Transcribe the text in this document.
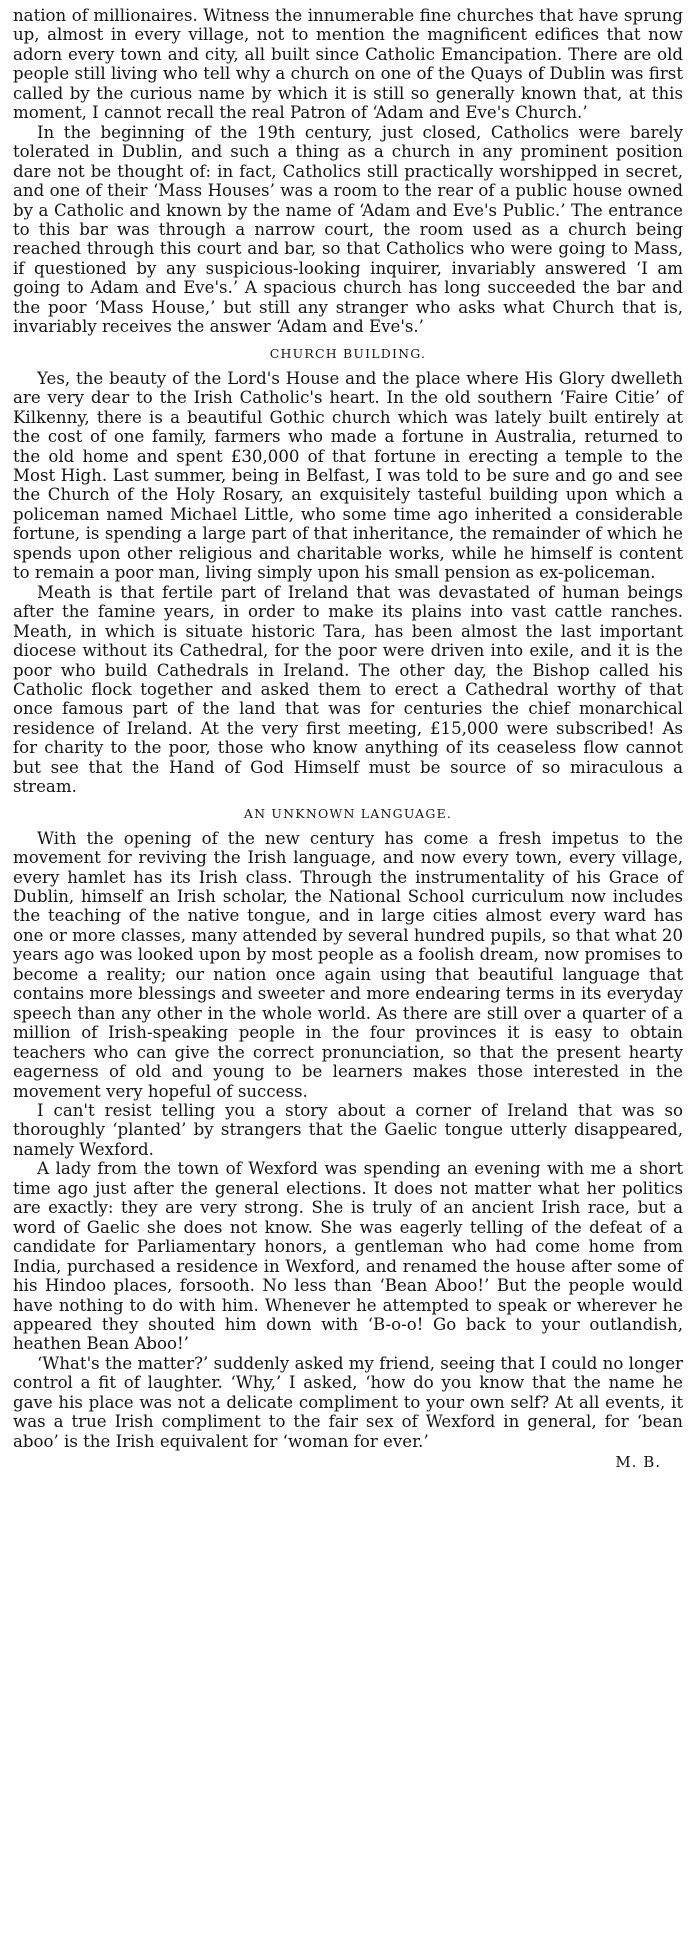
nation of millionaires. Witness the innumerable fine churches that have sprung up, almost in every village, not to mention the magnificent edifices that now adorn every town and city, all built since Catholic Emancipation. There are old people still living who tell why a church on one of the Quays of Dublin was first called by the curious name by which it is still so generally known that, at this moment, I cannot recall the real Patron of ‘Adam and Eve's Church.’

In the beginning of the 19th century, just closed, Catholics were barely tolerated in Dublin, and such a thing as a church in any prominent position dare not be thought of: in fact, Catholics still practically worshipped in secret, and one of their ‘Mass Houses’ was a room to the rear of a public house owned by a Catholic and known by the name of ‘Adam and Eve's Public.’ The entrance to this bar was through a narrow court, the room used as a church being reached through this court and bar, so that Catholics who were going to Mass, if questioned by any suspicious-looking inquirer, invariably answered ‘I am going to Adam and Eve's.’ A spacious church has long succeeded the bar and the poor ‘Mass House,’ but still any stranger who asks what Church that is, invariably receives the answer ‘Adam and Eve's.’

CHURCH BUILDING.

Yes, the beauty of the Lord's House and the place where His Glory dwelleth are very dear to the Irish Catholic's heart. In the old southern ‘Faire Citie’ of Kilkenny, there is a beautiful Gothic church which was lately built entirely at the cost of one family, farmers who made a fortune in Australia, returned to the old home and spent £30,000 of that fortune in erecting a temple to the Most High. Last summer, being in Belfast, I was told to be sure and go and see the Church of the Holy Rosary, an exquisitely tasteful building upon which a policeman named Michael Little, who some time ago inherited a considerable fortune, is spending a large part of that inheritance, the remainder of which he spends upon other religious and charitable works, while he himself is content to remain a poor man, living simply upon his small pension as ex-policeman.

Meath is that fertile part of Ireland that was devastated of human beings after the famine years, in order to make its plains into vast cattle ranches. Meath, in which is situate historic Tara, has been almost the last important diocese without its Cathedral, for the poor were driven into exile, and it is the poor who build Cathedrals in Ireland. The other day, the Bishop called his Catholic flock together and asked them to erect a Cathedral worthy of that once famous part of the land that was for centuries the chief monarchical residence of Ireland. At the very first meeting, £15,000 were subscribed! As for charity to the poor, those who know anything of its ceaseless flow cannot but see that the Hand of God Himself must be source of so miraculous a stream.

AN UNKNOWN LANGUAGE.

With the opening of the new century has come a fresh impetus to the movement for reviving the Irish language, and now every town, every village, every hamlet has its Irish class. Through the instrumentality of his Grace of Dublin, himself an Irish scholar, the National School curriculum now includes the teaching of the native tongue, and in large cities almost every ward has one or more classes, many attended by several hundred pupils, so that what 20 years ago was looked upon by most people as a foolish dream, now promises to become a reality; our nation once again using that beautiful language that contains more blessings and sweeter and more endearing terms in its everyday speech than any other in the whole world. As there are still over a quarter of a million of Irish-speaking people in the four provinces it is easy to obtain teachers who can give the correct pronunciation, so that the present hearty eagerness of old and young to be learners makes those interested in the movement very hopeful of success.

I can't resist telling you a story about a corner of Ireland that was so thoroughly ‘planted’ by strangers that the Gaelic tongue utterly disappeared, namely Wexford.

A lady from the town of Wexford was spending an evening with me a short time ago just after the general elections. It does not matter what her politics are exactly: they are very strong. She is truly of an ancient Irish race, but a word of Gaelic she does not know. She was eagerly telling of the defeat of a candidate for Parliamentary honors, a gentleman who had come home from India, purchased a residence in Wexford, and renamed the house after some of his Hindoo places, forsooth. No less than ‘Bean Aboo!’ But the people would have nothing to do with him. Whenever he attempted to speak or wherever he appeared they shouted him down with ‘B-o-o! Go back to your outlandish, heathen Bean Aboo!’

‘What's the matter?’ suddenly asked my friend, seeing that I could no longer control a fit of laughter. ‘Why,’ I asked, ‘how do you know that the name he gave his place was not a delicate compliment to your own self? At all events, it was a true Irish compliment to the fair sex of Wexford in general, for ‘bean aboo’ is the Irish equivalent for ‘woman for ever.’

M. B.
